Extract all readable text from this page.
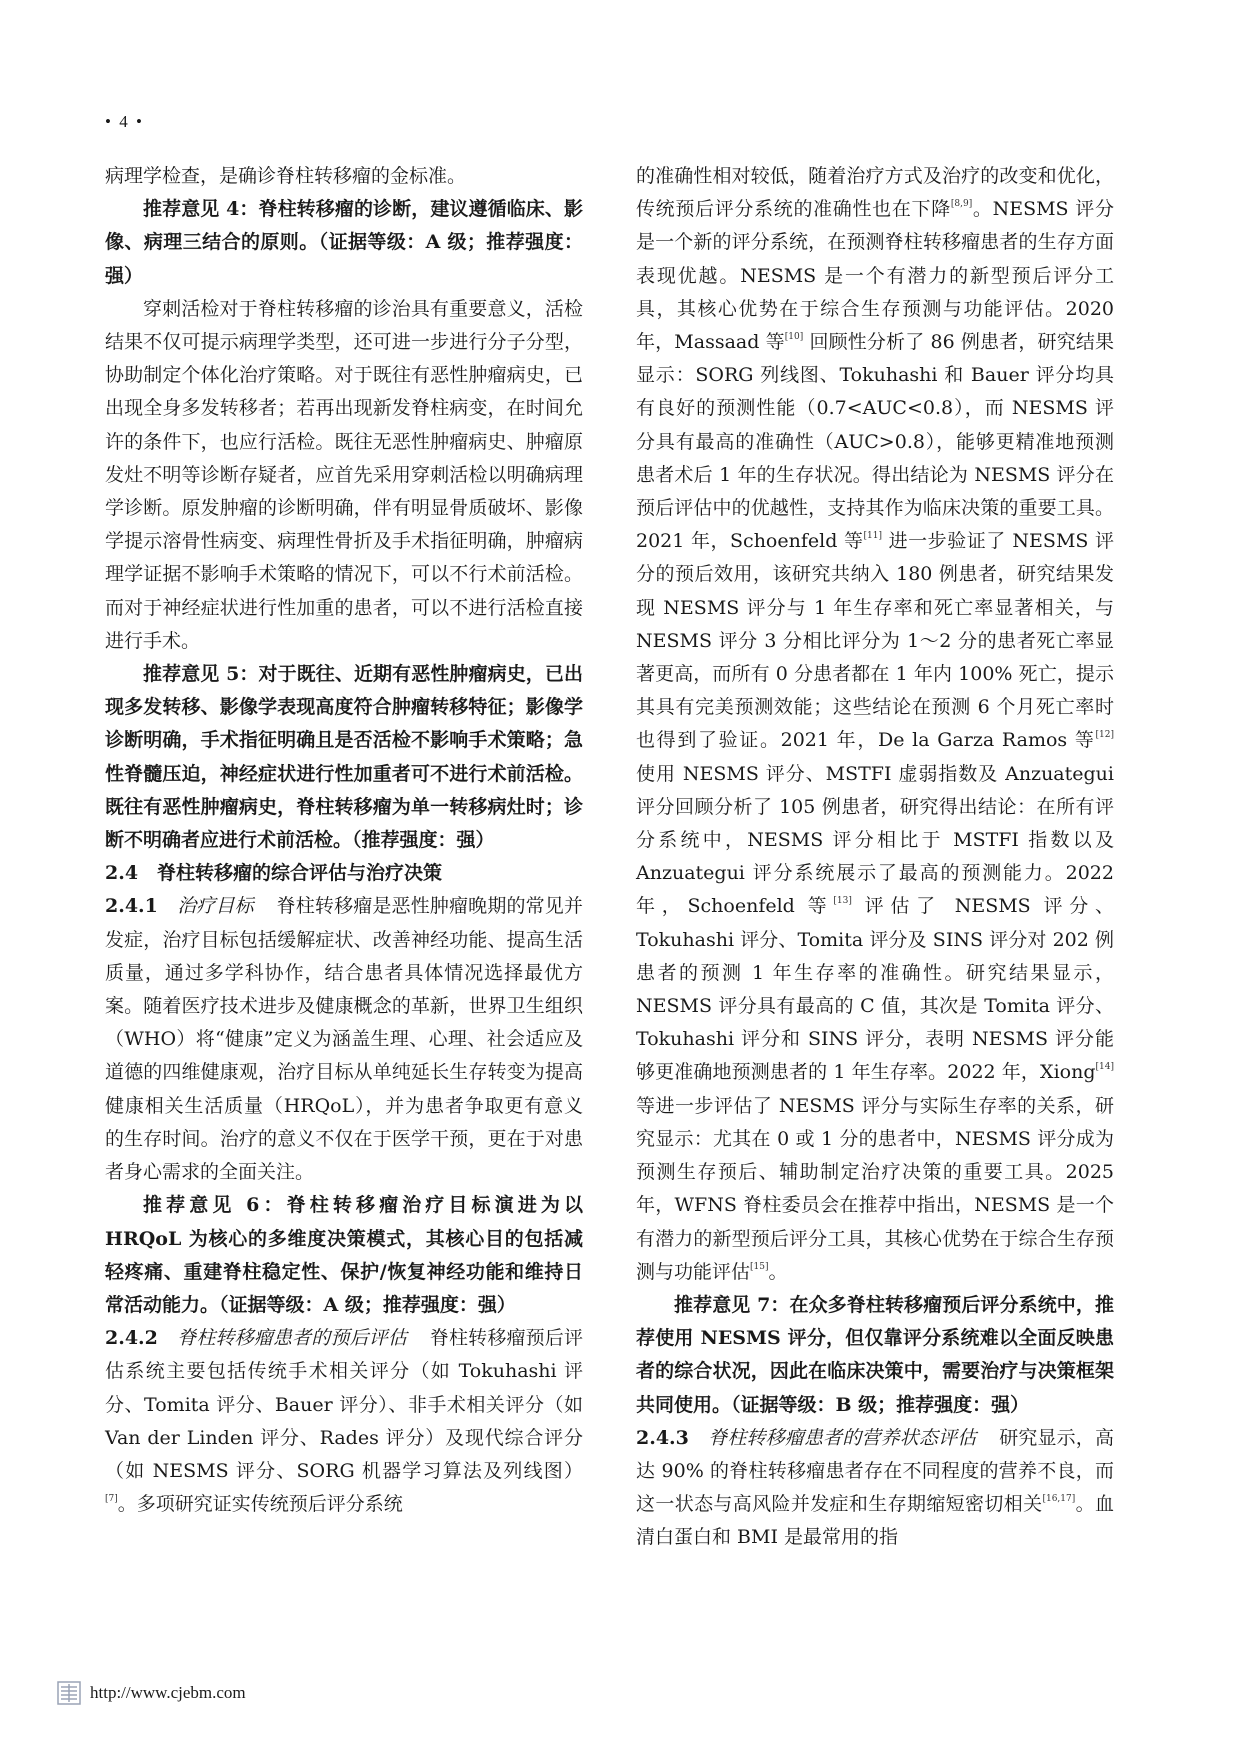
• 4 •

病理学检查，是确诊脊柱转移瘤的金标准。

推荐意见 4：脊柱转移瘤的诊断，建议遵循临床、影像、病理三结合的原则。（证据等级：A 级；推荐强度：强）

穿刺活检对于脊柱转移瘤的诊治具有重要意义，活检结果不仅可提示病理学类型，还可进一步进行分子分型，协助制定个体化治疗策略。对于既往有恶性肿瘤病史，已出现全身多发转移者；若再出现新发脊柱病变，在时间允许的条件下，也应行活检。既往无恶性肿瘤病史、肿瘤原发灶不明等诊断存疑者，应首先采用穿刺活检以明确病理学诊断。原发肿瘤的诊断明确，伴有明显骨质破坏、影像学提示溶骨性病变、病理性骨折及手术指征明确，肿瘤病理学证据不影响手术策略的情况下，可以不行术前活检。而对于神经症状进行性加重的患者，可以不进行活检直接进行手术。

推荐意见 5：对于既往、近期有恶性肿瘤病史，已出现多发转移、影像学表现高度符合肿瘤转移特征；影像学诊断明确，手术指征明确且是否活检不影响手术策略；急性脊髓压迫，神经症状进行性加重者可不进行术前活检。既往有恶性肿瘤病史，脊柱转移瘤为单一转移病灶时；诊断不明确者应进行术前活检。（推荐强度：强）

2.4　脊柱转移瘤的综合评估与治疗决策

2.4.1　 治疗目标 脊柱转移瘤是恶性肿瘤晚期的常见并发症，治疗目标包括缓解症状、改善神经功能、提高生活质量，通过多学科协作，结合患者具体情况选择最优方案。随着医疗技术进步及健康概念的革新，世界卫生组织（WHO）将“健康”定义为涵盖生理、心理、社会适应及道德的四维健康观，治疗目标从单纯延长生存转变为提高健康相关生活质量（HRQoL），并为患者争取更有意义的生存时间。治疗的意义不仅在于医学干预，更在于对患者身心需求的全面关注。

推荐意见 6：脊柱转移瘤治疗目标演进为以 HRQoL 为核心的多维度决策模式，其核心目的包括减轻疼痛、重建脊柱稳定性、保护/恢复神经功能和维持日常活动能力。（证据等级：A 级；推荐强度：强）

2.4.2　 脊柱转移瘤患者的预后评估 脊柱转移瘤预后评估系统主要包括传统手术相关评分（如 Tokuhashi 评分、Tomita 评分、Bauer 评分）、非手术相关评分（如 Van der Linden 评分、Rades 评分）及现代综合评分（如 NESMS 评分、SORG 机器学习算法及列线图）[7]。多项研究证实传统预后评分系统

的准确性相对较低，随着治疗方式及治疗的改变和优化，传统预后评分系统的准确性也在下降[8,9]。NESMS 评分是一个新的评分系统，在预测脊柱转移瘤患者的生存方面表现优越。NESMS 是一个有潜力的新型预后评分工具，其核心优势在于综合生存预测与功能评估。2020 年，Massaad 等[10] 回顾性分析了 86 例患者，研究结果显示：SORG 列线图、Tokuhashi 和 Bauer 评分均具有良好的预测性能（0.7<AUC<0.8），而 NESMS 评分具有最高的准确性（AUC>0.8），能够更精准地预测患者术后 1 年的生存状况。得出结论为 NESMS 评分在预后评估中的优越性，支持其作为临床决策的重要工具。2021 年，Schoenfeld 等[11] 进一步验证了 NESMS 评分的预后效用，该研究共纳入 180 例患者，研究结果发现 NESMS 评分与 1 年生存率和死亡率显著相关，与 NESMS 评分 3 分相比评分为 1～2 分的患者死亡率显著更高，而所有 0 分患者都在 1 年内 100% 死亡，提示其具有完美预测效能；这些结论在预测 6 个月死亡率时也得到了验证。2021 年，De la Garza Ramos 等[12] 使用 NESMS 评分、MSTFI 虚弱指数及 Anzuategui 评分回顾分析了 105 例患者，研究得出结论：在所有评分系统中，NESMS 评分相比于 MSTFI 指数以及 Anzuategui 评分系统展示了最高的预测能力。2022 年，Schoenfeld 等[13] 评估了 NESMS 评分、Tokuhashi 评分、Tomita 评分及 SINS 评分对 202 例患者的预测 1 年生存率的准确性。研究结果显示，NESMS 评分具有最高的 C 值，其次是 Tomita 评分、Tokuhashi 评分和 SINS 评分，表明 NESMS 评分能够更准确地预测患者的 1 年生存率。2022 年，Xiong[14] 等进一步评估了 NESMS 评分与实际生存率的关系，研究显示：尤其在 0 或 1 分的患者中，NESMS 评分成为预测生存预后、辅助制定治疗决策的重要工具。2025 年，WFNS 脊柱委员会在推荐中指出，NESMS 是一个有潜力的新型预后评分工具，其核心优势在于综合生存预测与功能评估[15]。

推荐意见 7：在众多脊柱转移瘤预后评分系统中，推荐使用 NESMS 评分，但仅靠评分系统难以全面反映患者的综合状况，因此在临床决策中，需要治疗与决策框架共同使用。（证据等级：B 级；推荐强度：强）

2.4.3　 脊柱转移瘤患者的营养状态评估 研究显示，高达 90% 的脊柱转移瘤患者存在不同程度的营养不良，而这一状态与高风险并发症和生存期缩短密切相关[16,17]。血清白蛋白和 BMI 是最常用的指

http://www.cjebm.com
